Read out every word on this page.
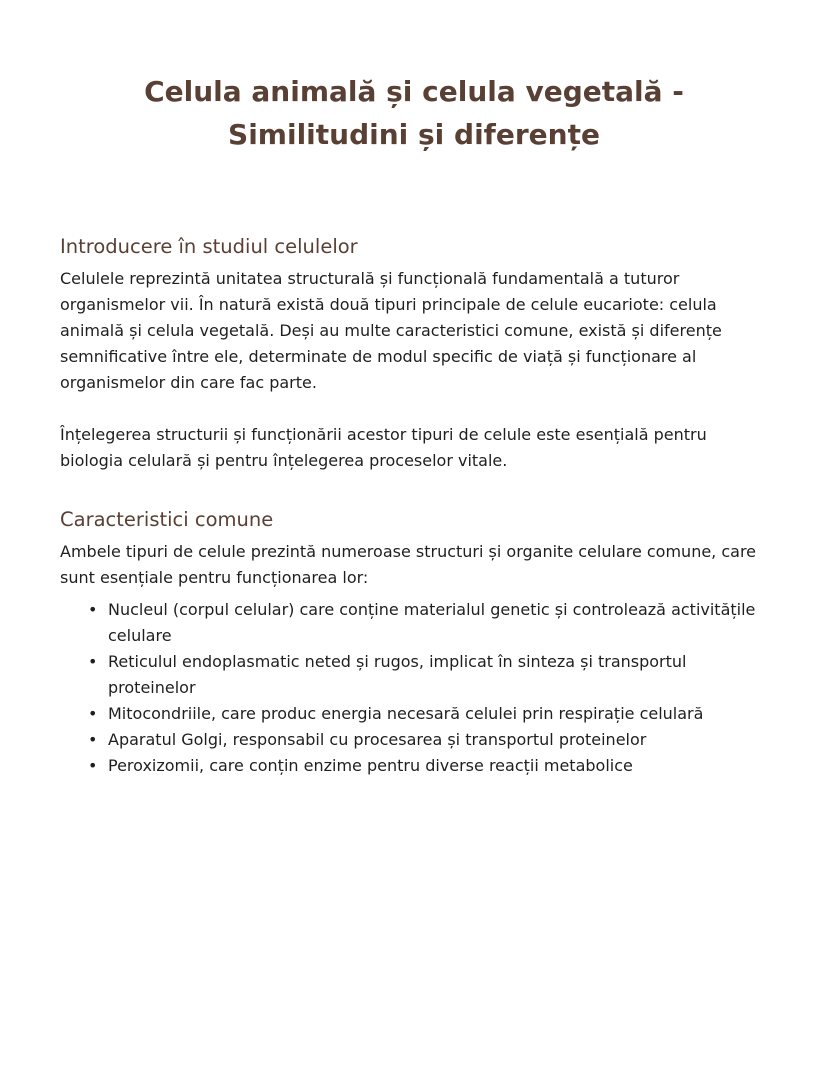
Celula animală și celula vegetală -
Similitudini și diferențe
Introducere în studiul celulelor

Celulele reprezintă unitatea structurală și funcțională fundamentală a tuturor organismelor vii. În natură există două tipuri principale de celule eucariote: celula animală și celula vegetală. Deși au multe caracteristici comune, există și diferențe semnificative între ele, determinate de modul specific de viață și funcționare al organismelor din care fac parte.

Înțelegerea structurii și funcționării acestor tipuri de celule este esențială pentru biologia celulară și pentru înțelegerea proceselor vitale.

Caracteristici comune

Ambele tipuri de celule prezintă numeroase structuri și organite celulare comune, care sunt esențiale pentru funcționarea lor:

• Nucleul (corpul celular) care conține materialul genetic și controlează activitățile celulare
• Reticulul endoplasmatic neted și rugos, implicat în sinteza și transportul proteinelor
• Mitocondriile, care produc energia necesară celulei prin respirație celulară
• Aparatul Golgi, responsabil cu procesarea și transportul proteinelor
• Peroxizomii, care conțin enzime pentru diverse reacții metabolice
